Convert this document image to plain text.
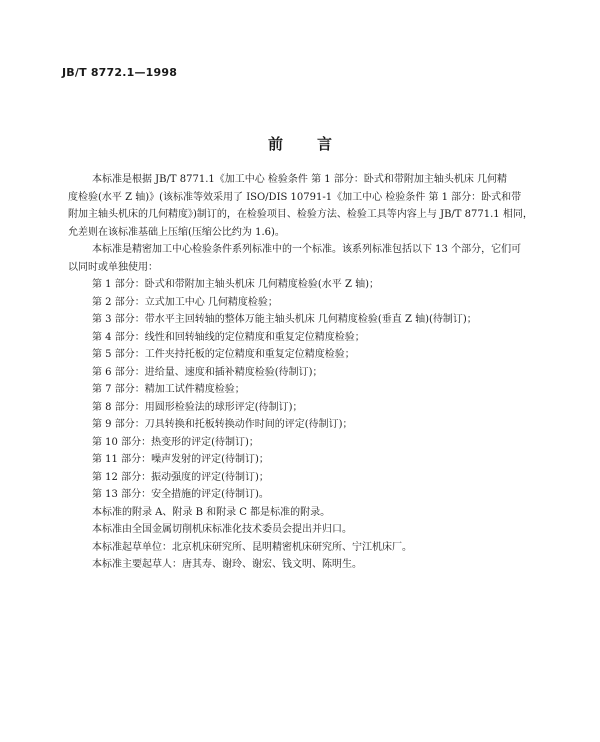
JB/T 8772.1—1998
前 言
本标准是根据 JB/T 8771.1《加工中心 检验条件 第 1 部分：卧式和带附加主轴头机床 几何精
度检验(水平 Z 轴)》(该标准等效采用了 ISO/DIS 10791-1《加工中心 检验条件 第 1 部分：卧式和带
附加主轴头机床的几何精度》)制订的，在检验项目、检验方法、检验工具等内容上与 JB/T 8771.1 相同，
允差则在该标准基础上压缩(压缩公比约为 1.6)。
本标准是精密加工中心检验条件系列标准中的一个标准。该系列标准包括以下 13 个部分，它们可
以同时或单独使用：
第 1 部分：卧式和带附加主轴头机床 几何精度检验(水平 Z 轴)；
第 2 部分：立式加工中心 几何精度检验；
第 3 部分：带水平主回转轴的整体万能主轴头机床 几何精度检验(垂直 Z 轴)(待制订)；
第 4 部分：线性和回转轴线的定位精度和重复定位精度检验；
第 5 部分：工件夹持托板的定位精度和重复定位精度检验；
第 6 部分：进给量、速度和插补精度检验(待制订)；
第 7 部分：精加工试件精度检验；
第 8 部分：用圆形检验法的球形评定(待制订)；
第 9 部分：刀具转换和托板转换动作时间的评定(待制订)；
第 10 部分：热变形的评定(待制订)；
第 11 部分：噪声发射的评定(待制订)；
第 12 部分：振动强度的评定(待制订)；
第 13 部分：安全措施的评定(待制订)。
本标准的附录 A、附录 B 和附录 C 都是标准的附录。
本标准由全国金属切削机床标准化技术委员会提出并归口。
本标准起草单位：北京机床研究所、昆明精密机床研究所、宁江机床厂。
本标准主要起草人：唐其寿、谢玲、谢宏、钱文明、陈明生。
